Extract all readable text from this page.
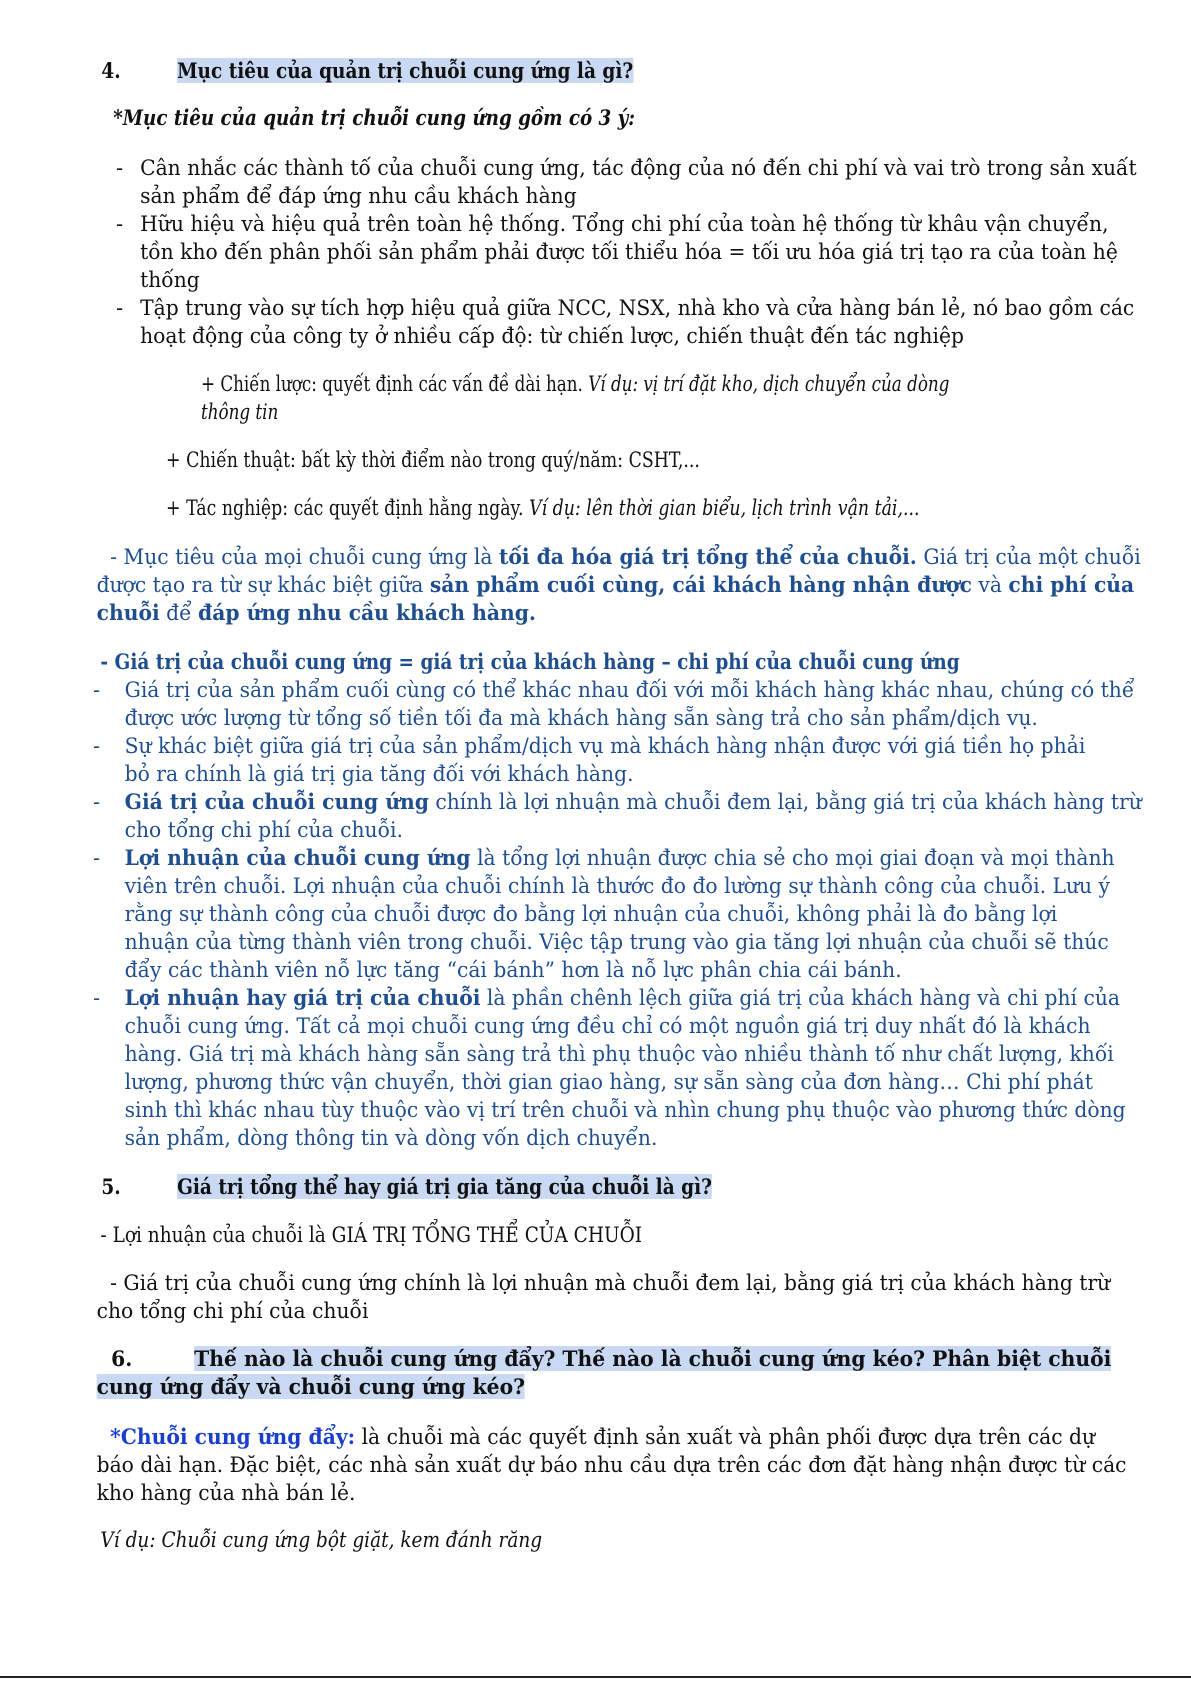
4.	Mục tiêu của quản trị chuỗi cung ứng là gì?
*Mục tiêu của quản trị chuỗi cung ứng gồm có 3 ý:
- Cân nhắc các thành tố của chuỗi cung ứng, tác động của nó đến chi phí và vai trò trong sản xuất
sản phẩm để đáp ứng nhu cầu khách hàng
- Hữu hiệu và hiệu quả trên toàn hệ thống. Tổng chi phí của toàn hệ thống từ khâu vận chuyển,
tồn kho đến phân phối sản phẩm phải được tối thiểu hóa = tối ưu hóa giá trị tạo ra của toàn hệ
thống
- Tập trung vào sự tích hợp hiệu quả giữa NCC, NSX, nhà kho và cửa hàng bán lẻ, nó bao gồm các
hoạt động của công ty ở nhiều cấp độ: từ chiến lược, chiến thuật đến tác nghiệp
+ Chiến lược: quyết định các vấn đề dài hạn. Ví dụ: vị trí đặt kho, dịch chuyển của dòng
thông tin
+ Chiến thuật: bất kỳ thời điểm nào trong quý/năm: CSHT,...
+ Tác nghiệp: các quyết định hằng ngày. Ví dụ: lên thời gian biểu, lịch trình vận tải,...
- Mục tiêu của mọi chuỗi cung ứng là tối đa hóa giá trị tổng thể của chuỗi. Giá trị của một chuỗi
được tạo ra từ sự khác biệt giữa sản phẩm cuối cùng, cái khách hàng nhận được và chi phí của
chuỗi để đáp ứng nhu cầu khách hàng.
- Giá trị của chuỗi cung ứng = giá trị của khách hàng – chi phí của chuỗi cung ứng
-	Giá trị của sản phẩm cuối cùng có thể khác nhau đối với mỗi khách hàng khác nhau, chúng có thể
được ước lượng từ tổng số tiền tối đa mà khách hàng sẵn sàng trả cho sản phẩm/dịch vụ.
-	Sự khác biệt giữa giá trị của sản phẩm/dịch vụ mà khách hàng nhận được với giá tiền họ phải
bỏ ra chính là giá trị gia tăng đối với khách hàng.
-	Giá trị của chuỗi cung ứng chính là lợi nhuận mà chuỗi đem lại, bằng giá trị của khách hàng trừ
cho tổng chi phí của chuỗi.
-	Lợi nhuận của chuỗi cung ứng là tổng lợi nhuận được chia sẻ cho mọi giai đoạn và mọi thành
viên trên chuỗi. Lợi nhuận của chuỗi chính là thước đo đo lường sự thành công của chuỗi. Lưu ý
rằng sự thành công của chuỗi được đo bằng lợi nhuận của chuỗi, không phải là đo bằng lợi
nhuận của từng thành viên trong chuỗi. Việc tập trung vào gia tăng lợi nhuận của chuỗi sẽ thúc
đẩy các thành viên nỗ lực tăng “cái bánh” hơn là nỗ lực phân chia cái bánh.
-	Lợi nhuận hay giá trị của chuỗi là phần chênh lệch giữa giá trị của khách hàng và chi phí của
chuỗi cung ứng. Tất cả mọi chuỗi cung ứng đều chỉ có một nguồn giá trị duy nhất đó là khách
hàng. Giá trị mà khách hàng sẵn sàng trả thì phụ thuộc vào nhiều thành tố như chất lượng, khối
lượng, phương thức vận chuyển, thời gian giao hàng, sự sẵn sàng của đơn hàng… Chi phí phát
sinh thì khác nhau tùy thuộc vào vị trí trên chuỗi và nhìn chung phụ thuộc vào phương thức dòng
sản phẩm, dòng thông tin và dòng vốn dịch chuyển.
5.	Giá trị tổng thể hay giá trị gia tăng của chuỗi là gì?
- Lợi nhuận của chuỗi là GIÁ TRỊ TỔNG THỂ CỦA CHUỖI
- Giá trị của chuỗi cung ứng chính là lợi nhuận mà chuỗi đem lại, bằng giá trị của khách hàng trừ
cho tổng chi phí của chuỗi
6.	Thế nào là chuỗi cung ứng đẩy? Thế nào là chuỗi cung ứng kéo? Phân biệt chuỗi
cung ứng đẩy và chuỗi cung ứng kéo?
*Chuỗi cung ứng đẩy: là chuỗi mà các quyết định sản xuất và phân phối được dựa trên các dự
báo dài hạn. Đặc biệt, các nhà sản xuất dự báo nhu cầu dựa trên các đơn đặt hàng nhận được từ các
kho hàng của nhà bán lẻ.
Ví dụ: Chuỗi cung ứng bột giặt, kem đánh răng
